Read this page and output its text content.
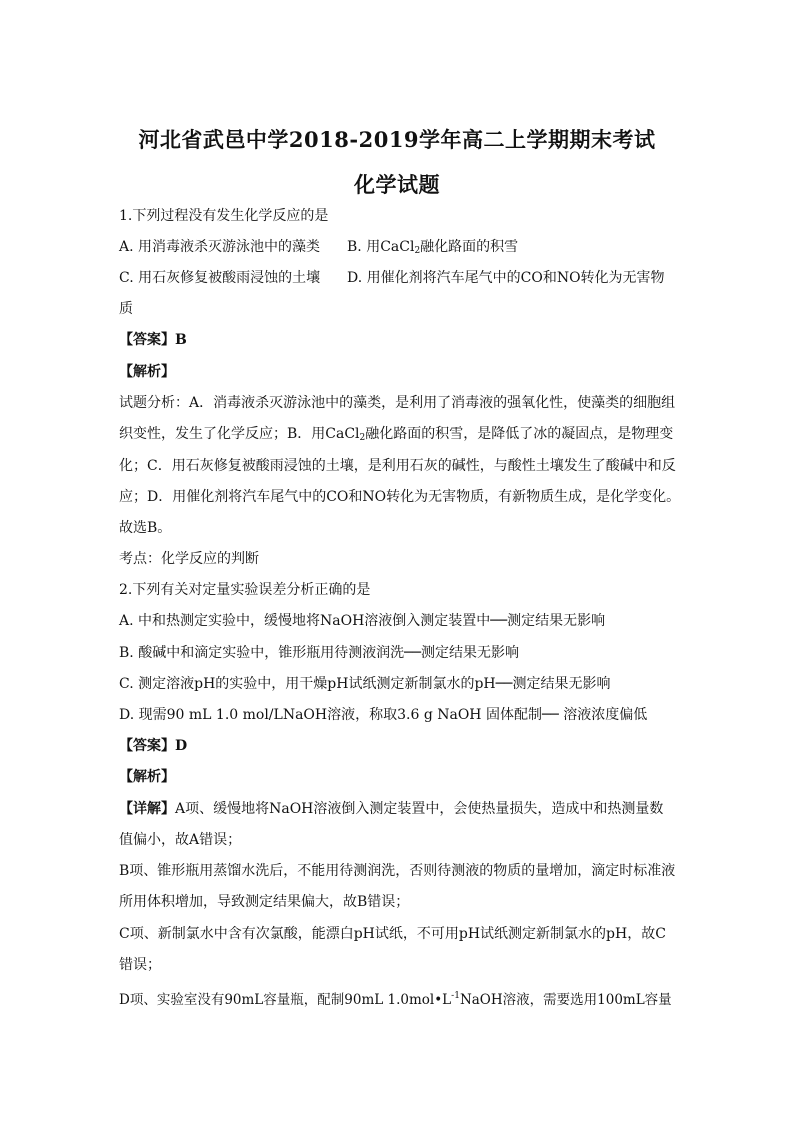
河北省武邑中学2018-2019学年高二上学期期末考试
化学试题
1.下列过程没有发生化学反应的是
A. 用消毒液杀灭游泳池中的藻类 B. 用CaCl$_2$融化路面的积雪
C. 用石灰修复被酸雨浸蚀的土壤 D. 用催化剂将汽车尾气中的CO和NO转化为无害物
质
【答案】B
【解析】
试题分析：A．消毒液杀灭游泳池中的藻类，是利用了消毒液的强氧化性，使藻类的细胞组
织变性，发生了化学反应；B．用CaCl$_2$融化路面的积雪，是降低了冰的凝固点，是物理变
化；C．用石灰修复被酸雨浸蚀的土壤，是利用石灰的碱性，与酸性土壤发生了酸碱中和反
应；D．用催化剂将汽车尾气中的CO和NO转化为无害物质，有新物质生成，是化学变化。
故选B。
考点：化学反应的判断
2.下列有关对定量实验误差分析正确的是
A. 中和热测定实验中，缓慢地将NaOH溶液倒入测定装置中──测定结果无影响
B. 酸碱中和滴定实验中，锥形瓶用待测液润洗──测定结果无影响
C. 测定溶液pH的实验中，用干燥pH试纸测定新制氯水的pH──测定结果无影响
D. 现需90 mL 1.0 mol/LNaOH溶液，称取3.6 g NaOH 固体配制── 溶液浓度偏低
【答案】D
【解析】
【详解】A项、缓慢地将NaOH溶液倒入测定装置中，会使热量损失，造成中和热测量数
值偏小，故A错误；
B项、锥形瓶用蒸馏水洗后，不能用待测润洗，否则待测液的物质的量增加，滴定时标准液
所用体积增加，导致测定结果偏大，故B错误；
C项、新制氯水中含有次氯酸，能漂白pH试纸，不可用pH试纸测定新制氯水的pH，故C
错误；
D项、实验室没有90mL容量瓶，配制90mL $1.0mol•L^{-1}NaOH$溶液，需要选用100mL容量
